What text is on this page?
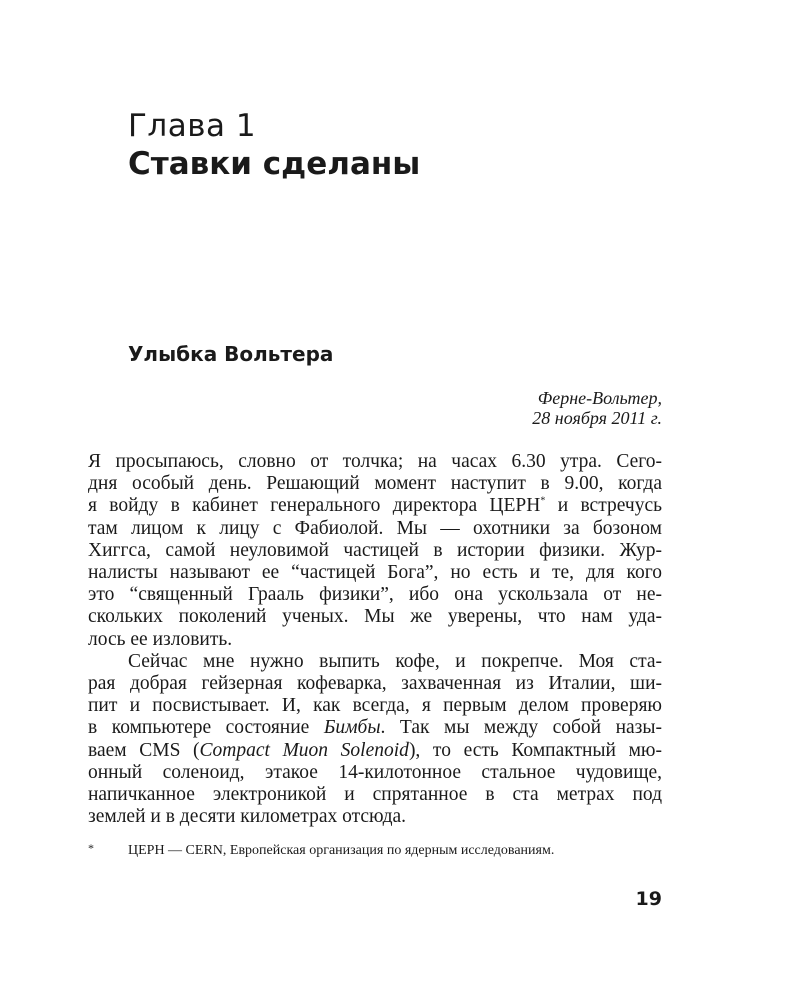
Глава 1
Ставки сделаны
Улыбка Вольтера
Ферне-Вольтер,
28 ноября 2011 г.
Я просыпаюсь, словно от толчка; на часах 6.30 утра. Сего-
дня особый день. Решающий момент наступит в 9.00, когда
я войду в кабинет генерального директора ЦЕРН* и встречусь
там лицом к лицу с Фабиолой. Мы — охотники за бозоном
Хиггса, самой неуловимой частицей в истории физики. Жур-
налисты называют ее “частицей Бога”, но есть и те, для кого
это “священный Грааль физики”, ибо она ускользала от не-
скольких поколений ученых. Мы же уверены, что нам уда-
лось ее изловить.
Сейчас мне нужно выпить кофе, и покрепче. Моя ста-
рая добрая гейзерная кофеварка, захваченная из Италии, ши-
пит и посвистывает. И, как всегда, я первым делом проверяю
в компьютере состояние Бимбы. Так мы между собой назы-
ваем CMS (Compact Muon Solenoid), то есть Компактный мю-
онный соленоид, этакое 14-килотонное стальное чудовище,
напичканное электроникой и спрятанное в ста метрах под
землей и в десяти километрах отсюда.
* ЦЕРН — CERN, Европейская организация по ядерным исследованиям.
19
